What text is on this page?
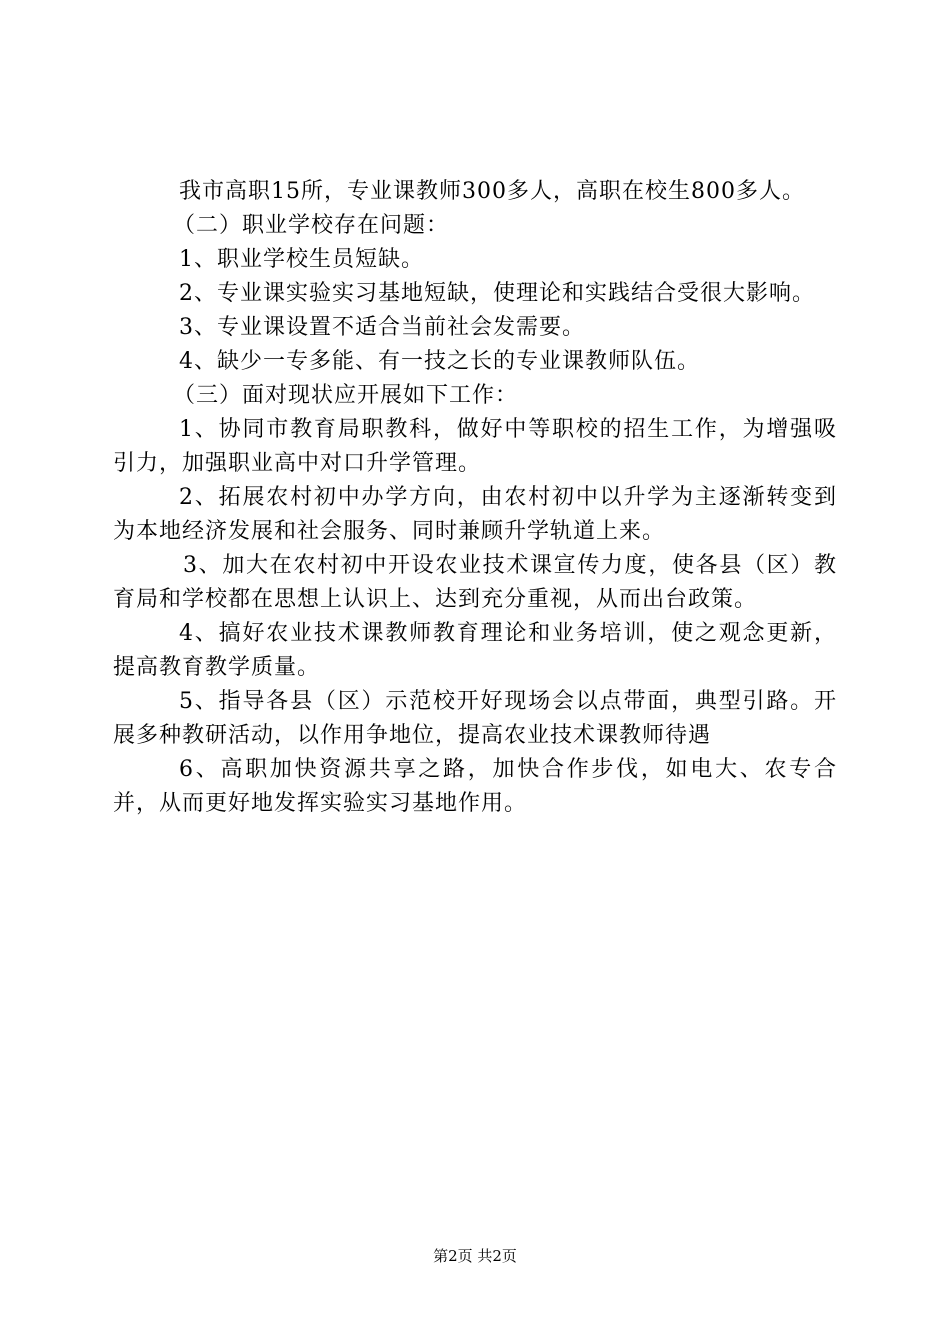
我市高职15所，专业课教师300多人，高职在校生800多人。

（二）职业学校存在问题：

1、职业学校生员短缺。

2、专业课实验实习基地短缺，使理论和实践结合受很大影响。

3、专业课设置不适合当前社会发需要。

4、缺少一专多能、有一技之长的专业课教师队伍。

（三）面对现状应开展如下工作：

1、协同市教育局职教科，做好中等职校的招生工作，为增强吸引力，加强职业高中对口升学管理。

2、拓展农村初中办学方向，由农村初中以升学为主逐渐转变到为本地经济发展和社会服务、同时兼顾升学轨道上来。

3、加大在农村初中开设农业技术课宣传力度，使各县（区）教育局和学校都在思想上认识上、达到充分重视，从而出台政策。

4、搞好农业技术课教师教育理论和业务培训，使之观念更新，提高教育教学质量。

5、指导各县（区）示范校开好现场会以点带面，典型引路。开展多种教研活动，以作用争地位，提高农业技术课教师待遇

6、高职加快资源共享之路，加快合作步伐，如电大、农专合并，从而更好地发挥实验实习基地作用。

第2页 共2页
